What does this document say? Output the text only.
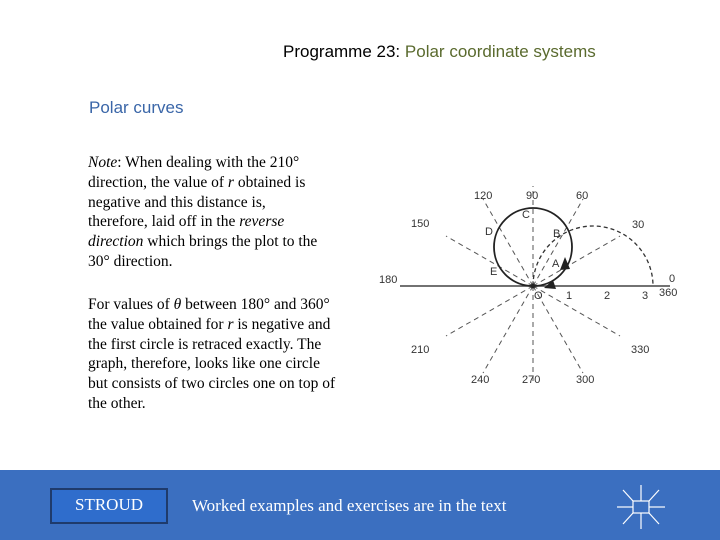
Programme 23: Polar coordinate systems
Polar curves
Note: When dealing with the 210°
direction, the value of r obtained is
negative and this distance is,
therefore, laid off in the reverse
direction which brings the plot to the
30° direction.
For values of θ between 180° and 360°
the value obtained for r is negative and
the first circle is retraced exactly. The
graph, therefore, looks like one circle
but consists of two circles one on top of
the other.
90	60
120
30
150
180	0
360
210	330
240	270	300
C
D	B
A
E
O 1	2	3
STROUD	Worked examples and exercises are in the text
